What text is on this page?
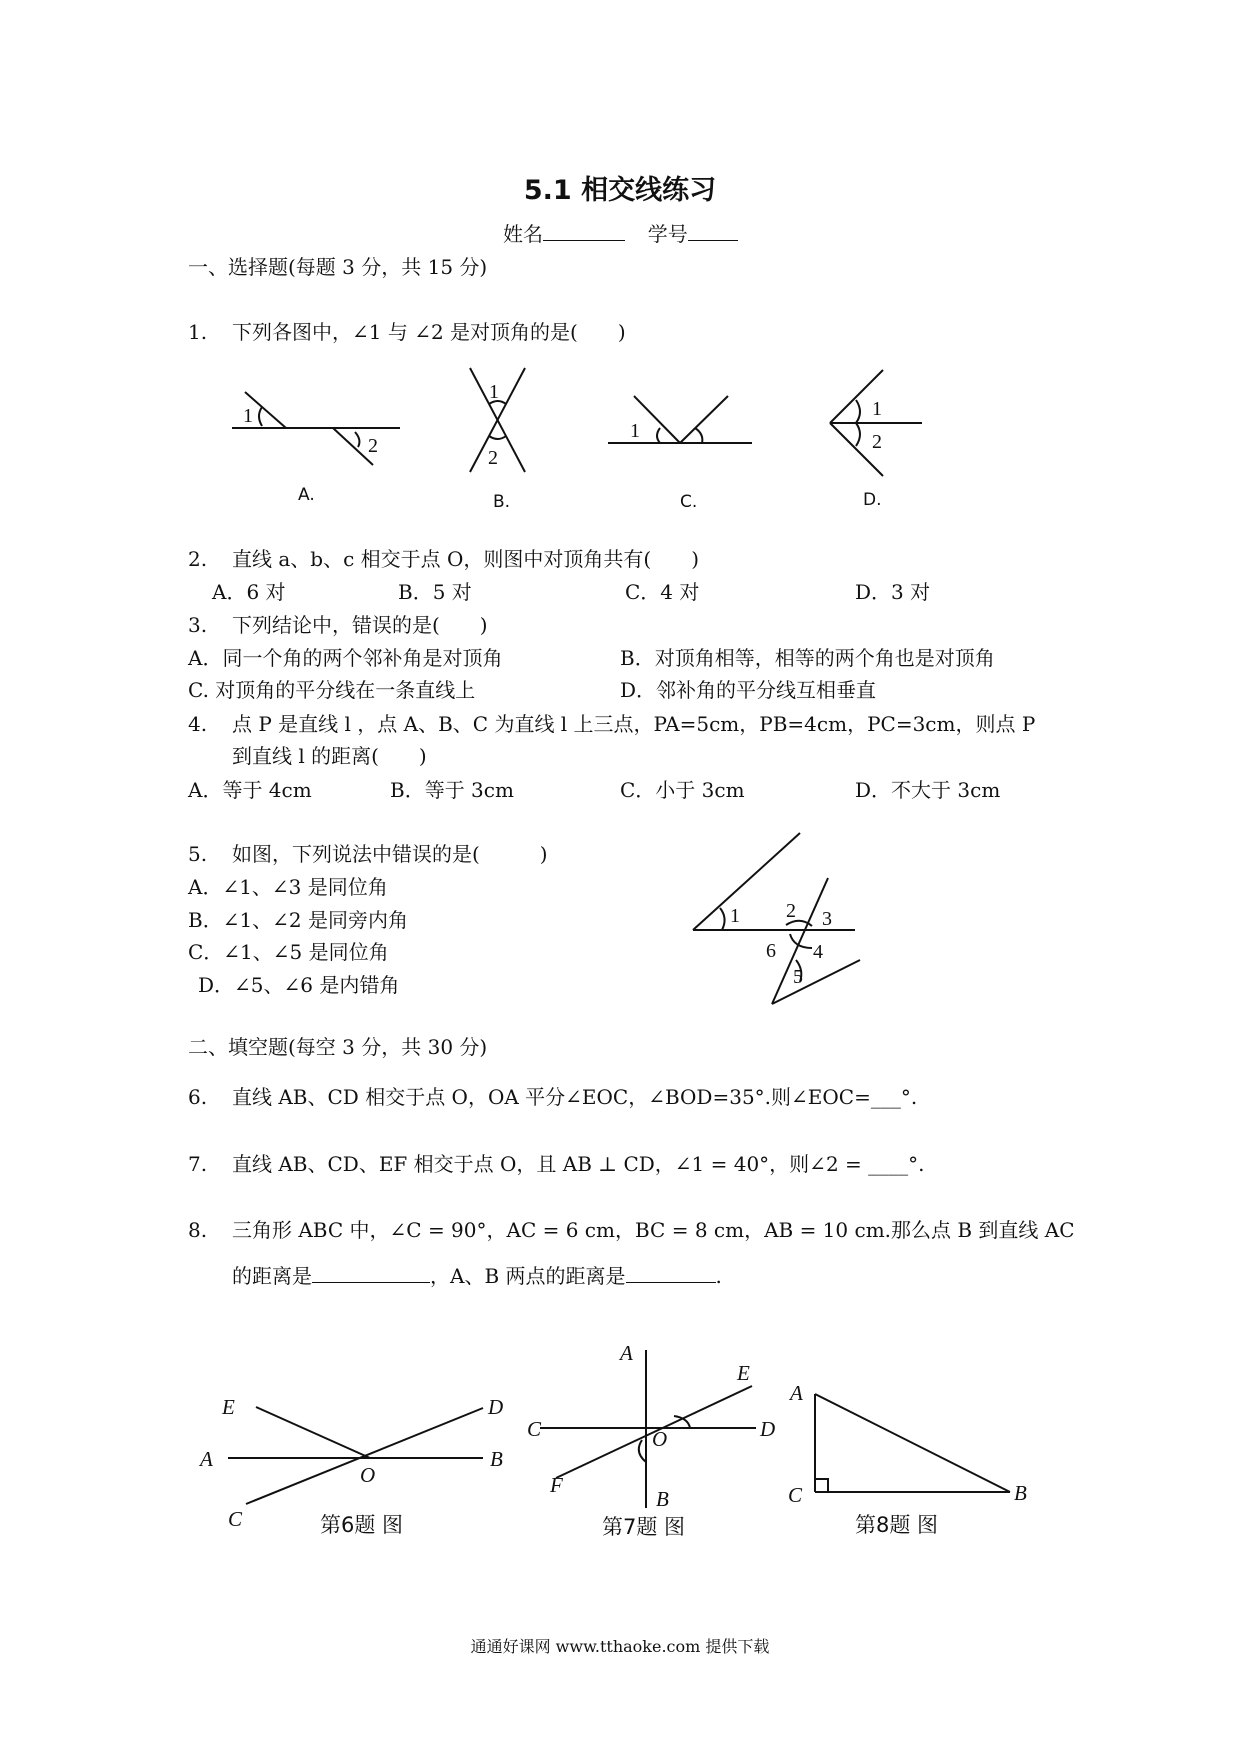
5.1 相交线练习
姓名	学号
一、选择题(每题 3 分，共 15 分)
1. 下列各图中，∠1 与 ∠2 是对顶角的是(　　)
1
2
A.
1
2
B.
1
C.
1
2
D.
2. 直线 a、b、c 相交于点 O，则图中对顶角共有(　　)
A．6 对	B．5 对	C．4 对	D．3 对
3. 下列结论中，错误的是(　　)
A．同一个角的两个邻补角是对顶角	B．对顶角相等，相等的两个角也是对顶角
C. 对顶角的平分线在一条直线上	D．邻补角的平分线互相垂直
4. 点 P 是直线 l ，点 A、B、C 为直线 l 上三点，PA=5cm，PB=4cm，PC=3cm，则点 P
到直线 l 的距离(　　)
A．等于 4cm	B．等于 3cm	C．小于 3cm	D．不大于 3cm
5. 如图，下列说法中错误的是(　　　)
A．∠1、∠3 是同位角
B．∠1、∠2 是同旁内角
C．∠1、∠5 是同位角
D．∠5、∠6 是内错角
1 2 3
4
5
6
二、填空题(每空 3 分，共 30 分)
6. 直线 AB、CD 相交于点 O，OA 平分∠EOC，∠BOD=35°.则∠EOC=___°.
7. 直线 AB、CD、EF 相交于点 O，且 AB ⊥ CD，∠1 = 40°，则∠2 = ____°.
8. 三角形 ABC 中，∠C = 90°，AC = 6 cm，BC = 8 cm，AB = 10 cm.那么点 B 到直线 AC
的距离是	，A、B 两点的距离是	.
E	D
A
O
B
C	第6题 图
A
E
C	O	D
F
B
第7题 图
A
C	B
第8题 图
通通好课网 www.tthaoke.com 提供下载
